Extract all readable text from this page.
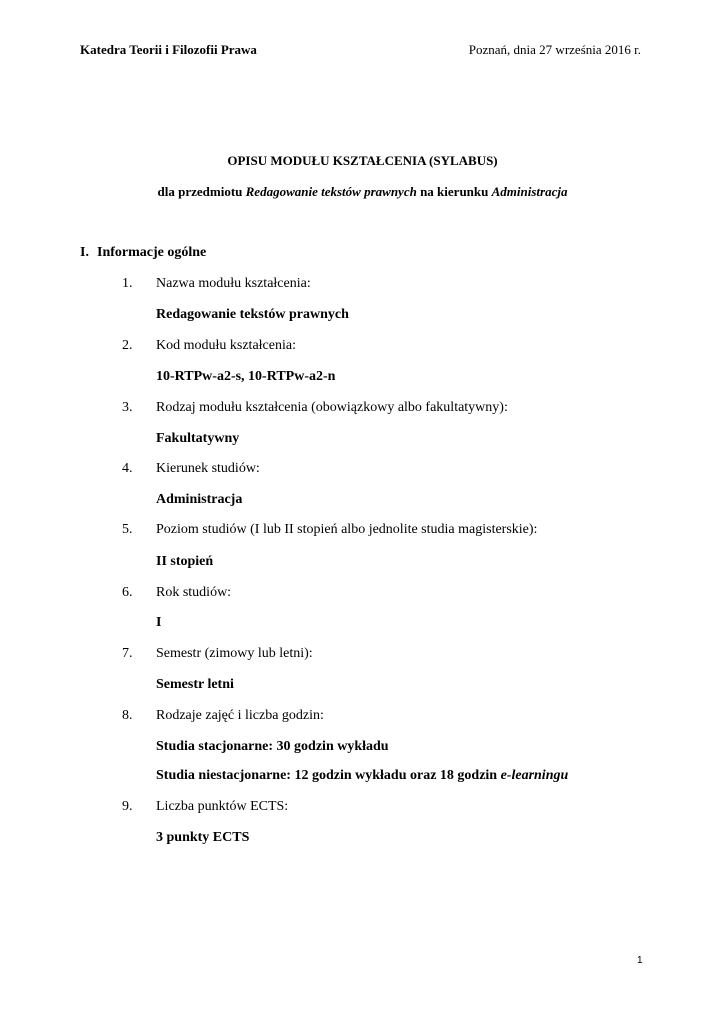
Katedra Teorii i Filozofii Prawa	Poznań, dnia 27 września 2016 r.
OPISU MODUŁU KSZTAŁCENIA (SYLABUS)
dla przedmiotu Redagowanie tekstów prawnych na kierunku Administracja
I. Informacje ogólne
1.	Nazwa modułu kształcenia:
Redagowanie tekstów prawnych
2.	Kod modułu kształcenia:
10-RTPw-a2-s, 10-RTPw-a2-n
3.	Rodzaj modułu kształcenia (obowiązkowy albo fakultatywny):
Fakultatywny
4.	Kierunek studiów:
Administracja
5.	Poziom studiów (I lub II stopień albo jednolite studia magisterskie):
II stopień
6.	Rok studiów:
I
7.	Semestr (zimowy lub letni):
Semestr letni
8.	Rodzaje zajęć i liczba godzin:
Studia stacjonarne: 30 godzin wykładu
Studia niestacjonarne: 12 godzin wykładu oraz 18 godzin e-learningu
9.	Liczba punktów ECTS:
3 punkty ECTS
1
